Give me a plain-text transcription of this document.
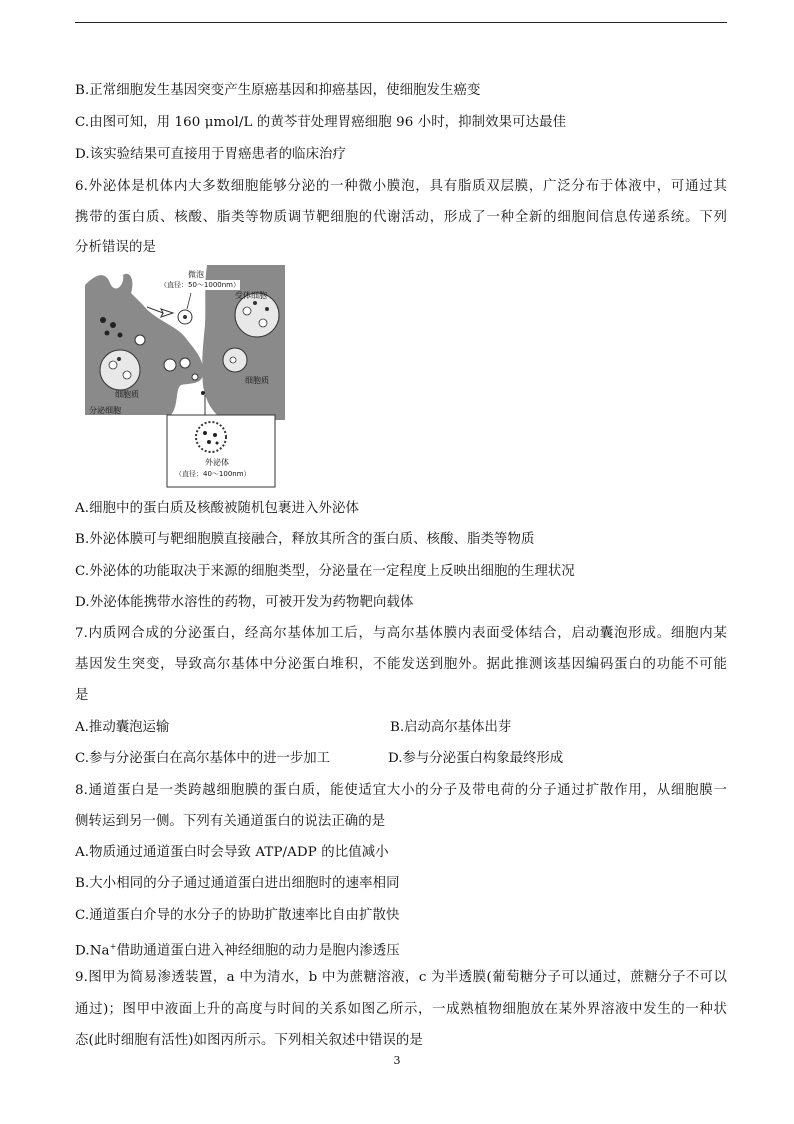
B.正常细胞发生基因突变产生原癌基因和抑癌基因，使细胞发生癌变
C.由图可知，用 160 μmol/L 的黄芩苷处理胃癌细胞 96 小时，抑制效果可达最佳
D.该实验结果可直接用于胃癌患者的临床治疗
6.外泌体是机体内大多数细胞能够分泌的一种微小膜泡，具有脂质双层膜，广泛分布于体液中，可通过其
携带的蛋白质、核酸、脂类等物质调节靶细胞的代谢活动，形成了一种全新的细胞间信息传递系统。下列
分析错误的是
微泡
（直径：50～1000nm）
受体细胞
细胞质
细胞质
分泌细胞
外泌体
（直径：40～100nm）
A.细胞中的蛋白质及核酸被随机包裹进入外泌体
B.外泌体膜可与靶细胞膜直接融合，释放其所含的蛋白质、核酸、脂类等物质
C.外泌体的功能取决于来源的细胞类型，分泌量在一定程度上反映出细胞的生理状况
D.外泌体能携带水溶性的药物，可被开发为药物靶向载体
7.内质网合成的分泌蛋白，经高尔基体加工后，与高尔基体膜内表面受体结合，启动囊泡形成。细胞内某
基因发生突变，导致高尔基体中分泌蛋白堆积，不能发送到胞外。据此推测该基因编码蛋白的功能不可能
是
A.推动囊泡运输	B.启动高尔基体出芽
C.参与分泌蛋白在高尔基体中的进一步加工	D.参与分泌蛋白构象最终形成
8.通道蛋白是一类跨越细胞膜的蛋白质，能使适宜大小的分子及带电荷的分子通过扩散作用，从细胞膜一
侧转运到另一侧。下列有关通道蛋白的说法正确的是
A.物质通过通道蛋白时会导致 ATP/ADP 的比值减小
B.大小相同的分子通过通道蛋白进出细胞时的速率相同
C.通道蛋白介导的水分子的协助扩散速率比自由扩散快
D.Na+借助通道蛋白进入神经细胞的动力是胞内渗透压
9.图甲为简易渗透装置，a 中为清水，b 中为蔗糖溶液，c 为半透膜(葡萄糖分子可以通过，蔗糖分子不可以
通过)；图甲中液面上升的高度与时间的关系如图乙所示，一成熟植物细胞放在某外界溶液中发生的一种状
态(此时细胞有活性)如图丙所示。下列相关叙述中错误的是
3
